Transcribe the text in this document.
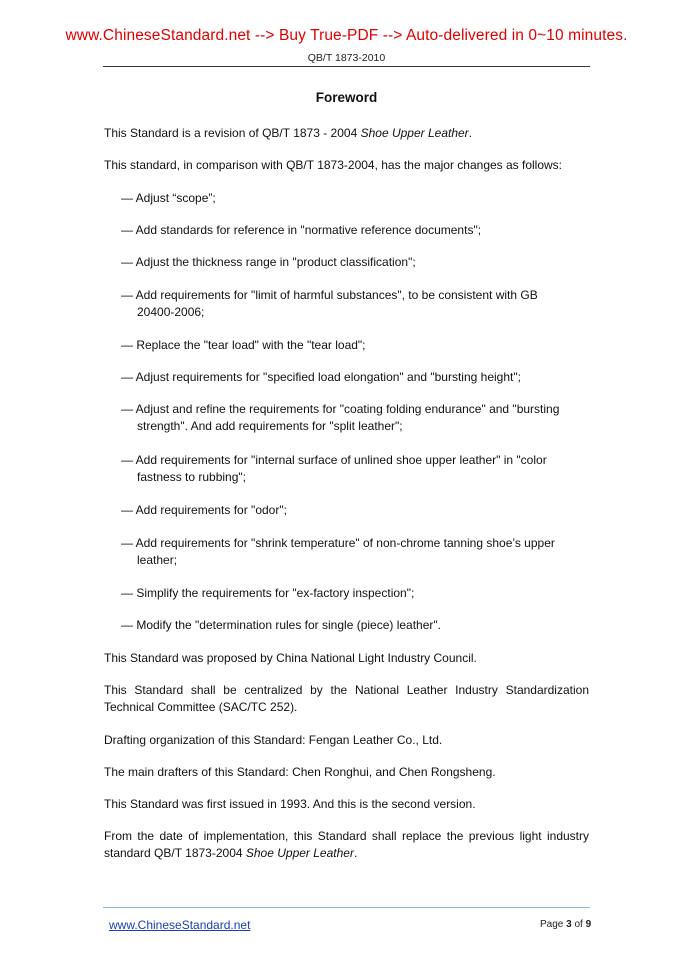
www.ChineseStandard.net --> Buy True-PDF --> Auto-delivered in 0~10 minutes.
QB/T 1873-2010
Foreword

This Standard is a revision of QB/T 1873 - 2004 Shoe Upper Leather.

This standard, in comparison with QB/T 1873-2004, has the major changes as follows:

— Adjust “scope”;

— Add standards for reference in "normative reference documents";

— Adjust the thickness range in "product classification";

— Add requirements for "limit of harmful substances", to be consistent with GB
20400-2006;

— Replace the "tear load" with the "tear load";

— Adjust requirements for "specified load elongation" and "bursting height";

— Adjust and refine the requirements for "coating folding endurance" and "bursting
strength". And add requirements for "split leather";

— Add requirements for "internal surface of unlined shoe upper leather" in "color
fastness to rubbing";

— Add requirements for "odor";

— Add requirements for "shrink temperature" of non-chrome tanning shoe’s upper
leather;

— Simplify the requirements for "ex-factory inspection";

— Modify the "determination rules for single (piece) leather".

This Standard was proposed by China National Light Industry Council.

This Standard shall be centralized by the National Leather Industry Standardization Technical Committee (SAC/TC 252).

Drafting organization of this Standard: Fengan Leather Co., Ltd.

The main drafters of this Standard: Chen Ronghui, and Chen Rongsheng.

This Standard was first issued in 1993. And this is the second version.

From the date of implementation, this Standard shall replace the previous light industry standard QB/T 1873-2004 Shoe Upper Leather.

www.ChineseStandard.net	Page 3 of 9
